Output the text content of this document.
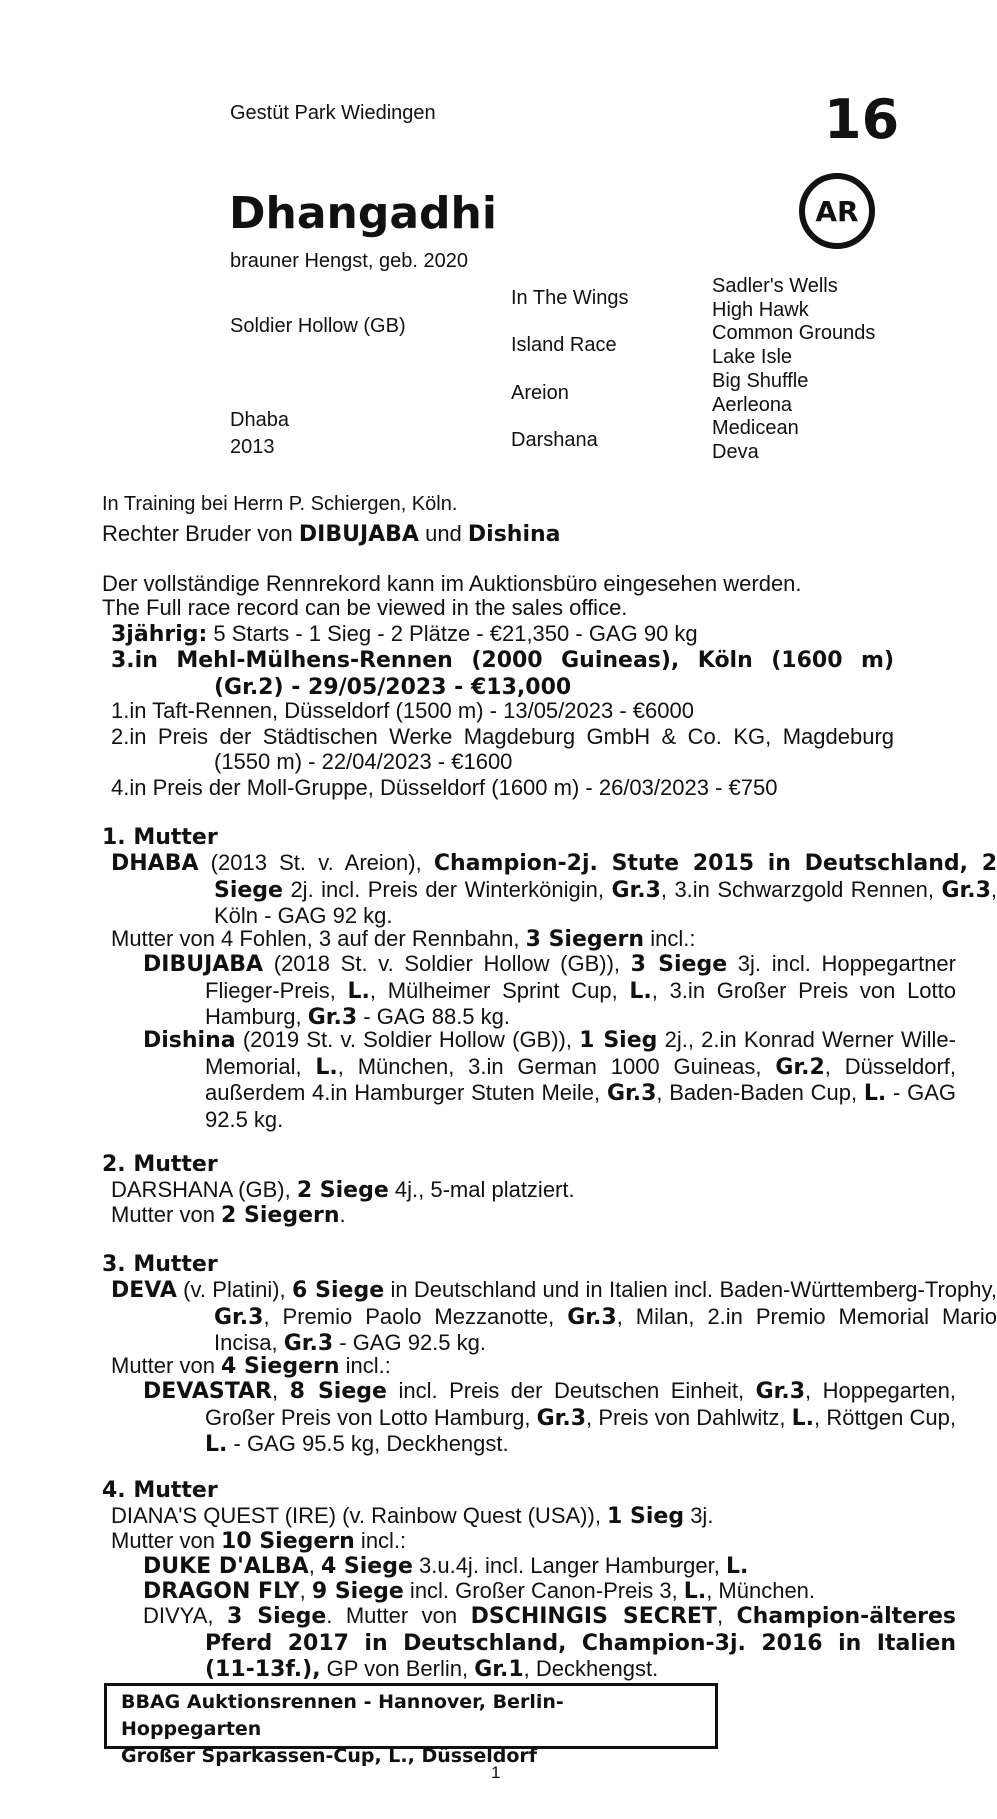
Gestüt Park Wiedingen	16
Dhangadhi	AR
brauner Hengst, geb. 2020
Soldier Hollow (GB)
Dhaba
2013
In The Wings
Island Race
Areion
Darshana
Sadler's Wells
High Hawk
Common Grounds
Lake Isle
Big Shuffle
Aerleona
Medicean
Deva
In Training bei Herrn P. Schiergen, Köln.
Rechter Bruder von DIBUJABA und Dishina
Der vollständige Rennrekord kann im Auktionsbüro eingesehen werden.
The Full race record can be viewed in the sales office.
3jährig: 5 Starts - 1 Sieg - 2 Plätze - €21,350 - GAG 90 kg
3.in Mehl-Mülhens-Rennen (2000 Guineas), Köln (1600 m) (Gr.2) - 29/05/2023 - €13,000
1.in Taft-Rennen, Düsseldorf (1500 m) - 13/05/2023 - €6000
2.in Preis der Städtischen Werke Magdeburg GmbH & Co. KG, Magdeburg (1550 m) - 22/04/2023 - €1600
4.in Preis der Moll-Gruppe, Düsseldorf (1600 m) - 26/03/2023 - €750
1. Mutter
DHABA (2013 St. v. Areion), Champion-2j. Stute 2015 in Deutschland, 2 Siege 2j. incl. Preis der Winterkönigin, Gr.3, 3.in Schwarzgold Rennen, Gr.3, Köln - GAG 92 kg.
Mutter von 4 Fohlen, 3 auf der Rennbahn, 3 Siegern incl.:
DIBUJABA (2018 St. v. Soldier Hollow (GB)), 3 Siege 3j. incl. Hoppegartner Flieger-Preis, L., Mülheimer Sprint Cup, L., 3.in Großer Preis von Lotto Hamburg, Gr.3 - GAG 88.5 kg.
Dishina (2019 St. v. Soldier Hollow (GB)), 1 Sieg 2j., 2.in Konrad Werner Wille-Memorial, L., München, 3.in German 1000 Guineas, Gr.2, Düsseldorf, außerdem 4.in Hamburger Stuten Meile, Gr.3, Baden-Baden Cup, L. - GAG 92.5 kg.
2. Mutter
DARSHANA (GB), 2 Siege 4j., 5-mal platziert.
Mutter von 2 Siegern.
3. Mutter
DEVA (v. Platini), 6 Siege in Deutschland und in Italien incl. Baden-Württemberg-Trophy, Gr.3, Premio Paolo Mezzanotte, Gr.3, Milan, 2.in Premio Memorial Mario Incisa, Gr.3 - GAG 92.5 kg.
Mutter von 4 Siegern incl.:
DEVASTAR, 8 Siege incl. Preis der Deutschen Einheit, Gr.3, Hoppegarten, Großer Preis von Lotto Hamburg, Gr.3, Preis von Dahlwitz, L., Röttgen Cup, L. - GAG 95.5 kg, Deckhengst.
4. Mutter
DIANA'S QUEST (IRE) (v. Rainbow Quest (USA)), 1 Sieg 3j.
Mutter von 10 Siegern incl.:
DUKE D'ALBA, 4 Siege 3.u.4j. incl. Langer Hamburger, L.
DRAGON FLY, 9 Siege incl. Großer Canon-Preis 3, L., München.
DIVYA, 3 Siege. Mutter von DSCHINGIS SECRET, Champion-älteres Pferd 2017 in Deutschland, Champion-3j. 2016 in Italien (11-13f.), GP von Berlin, Gr.1, Deckhengst.
BBAG Auktionsrennen - Hannover, Berlin-Hoppegarten
Großer Sparkassen-Cup, L., Düsseldorf
1
